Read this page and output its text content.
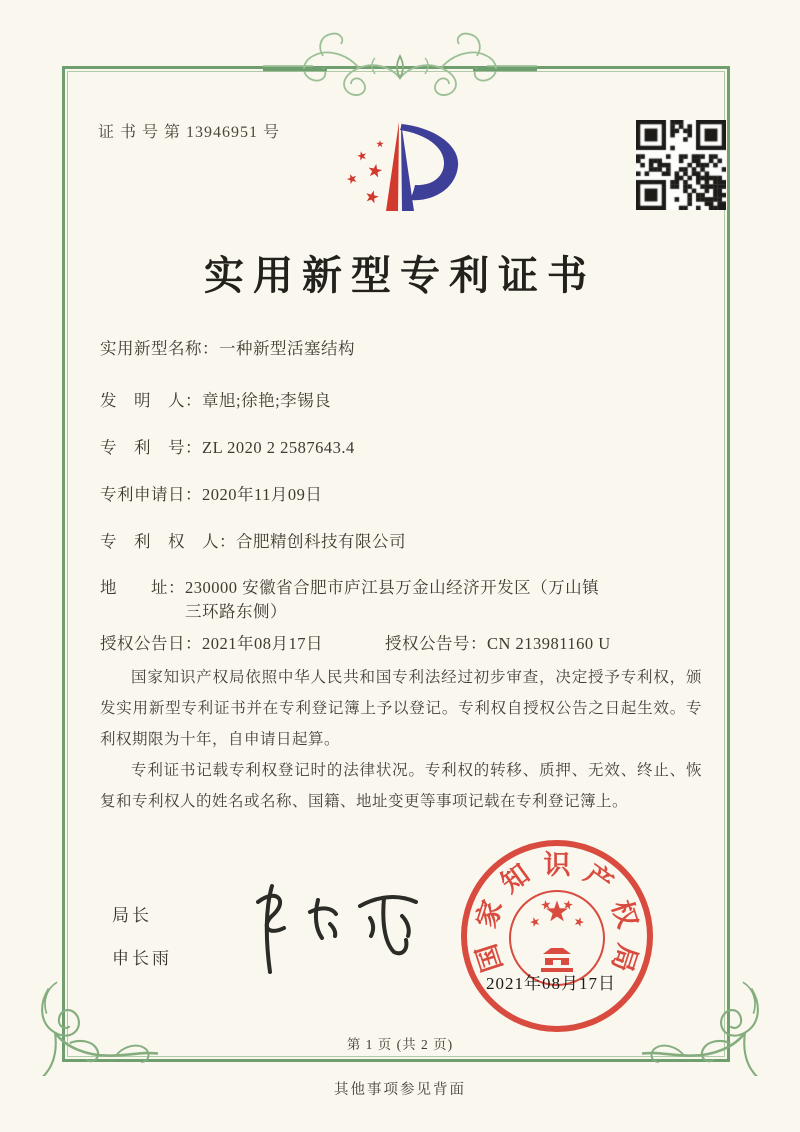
证 书 号 第 13946951 号
实用新型专利证书
实用新型名称： 一种新型活塞结构
发　明　人： 章旭;徐艳;李锡良
专　利　号： ZL 2020 2 2587643.4
专利申请日： 2020年11月09日
专　利　权　人： 合肥精创科技有限公司
地　　址： 230000 安徽省合肥市庐江县万金山经济开发区（万山镇三环路东侧）
授权公告日：2021年08月17日	授权公告号：CN 213981160 U

国家知识产权局依照中华人民共和国专利法经过初步审查，决定授予专利权，颁发实用新型专利证书并在专利登记簿上予以登记。专利权自授权公告之日起生效。专利权期限为十年，自申请日起算。

专利证书记载专利权登记时的法律状况。专利权的转移、质押、无效、终止、恢复和专利权人的姓名或名称、国籍、地址变更等事项记载在专利登记簿上。

局长
申长雨	国
家
知 识 产
权
局
2021年08月17日
第 1 页 (共 2 页)
其他事项参见背面
